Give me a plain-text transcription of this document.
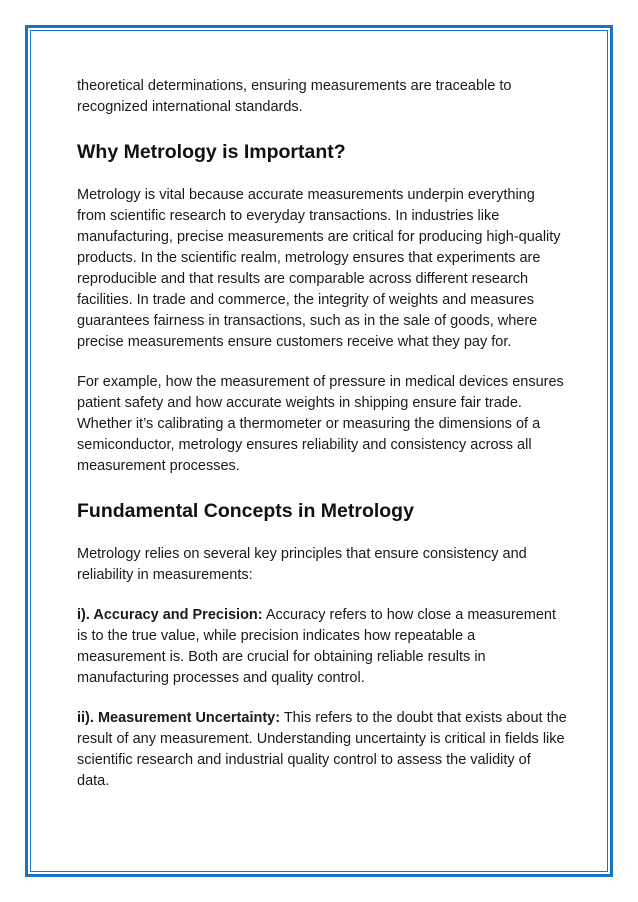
theoretical determinations, ensuring measurements are traceable to recognized international standards.

Why Metrology is Important?

Metrology is vital because accurate measurements underpin everything from scientific research to everyday transactions. In industries like manufacturing, precise measurements are critical for producing high-quality products. In the scientific realm, metrology ensures that experiments are reproducible and that results are comparable across different research facilities. In trade and commerce, the integrity of weights and measures guarantees fairness in transactions, such as in the sale of goods, where precise measurements ensure customers receive what they pay for.

For example, how the measurement of pressure in medical devices ensures patient safety and how accurate weights in shipping ensure fair trade. Whether it’s calibrating a thermometer or measuring the dimensions of a semiconductor, metrology ensures reliability and consistency across all measurement processes.

Fundamental Concepts in Metrology

Metrology relies on several key principles that ensure consistency and reliability in measurements:

i). Accuracy and Precision: Accuracy refers to how close a measurement is to the true value, while precision indicates how repeatable a measurement is. Both are crucial for obtaining reliable results in manufacturing processes and quality control.

ii). Measurement Uncertainty: This refers to the doubt that exists about the result of any measurement. Understanding uncertainty is critical in fields like scientific research and industrial quality control to assess the validity of data.
